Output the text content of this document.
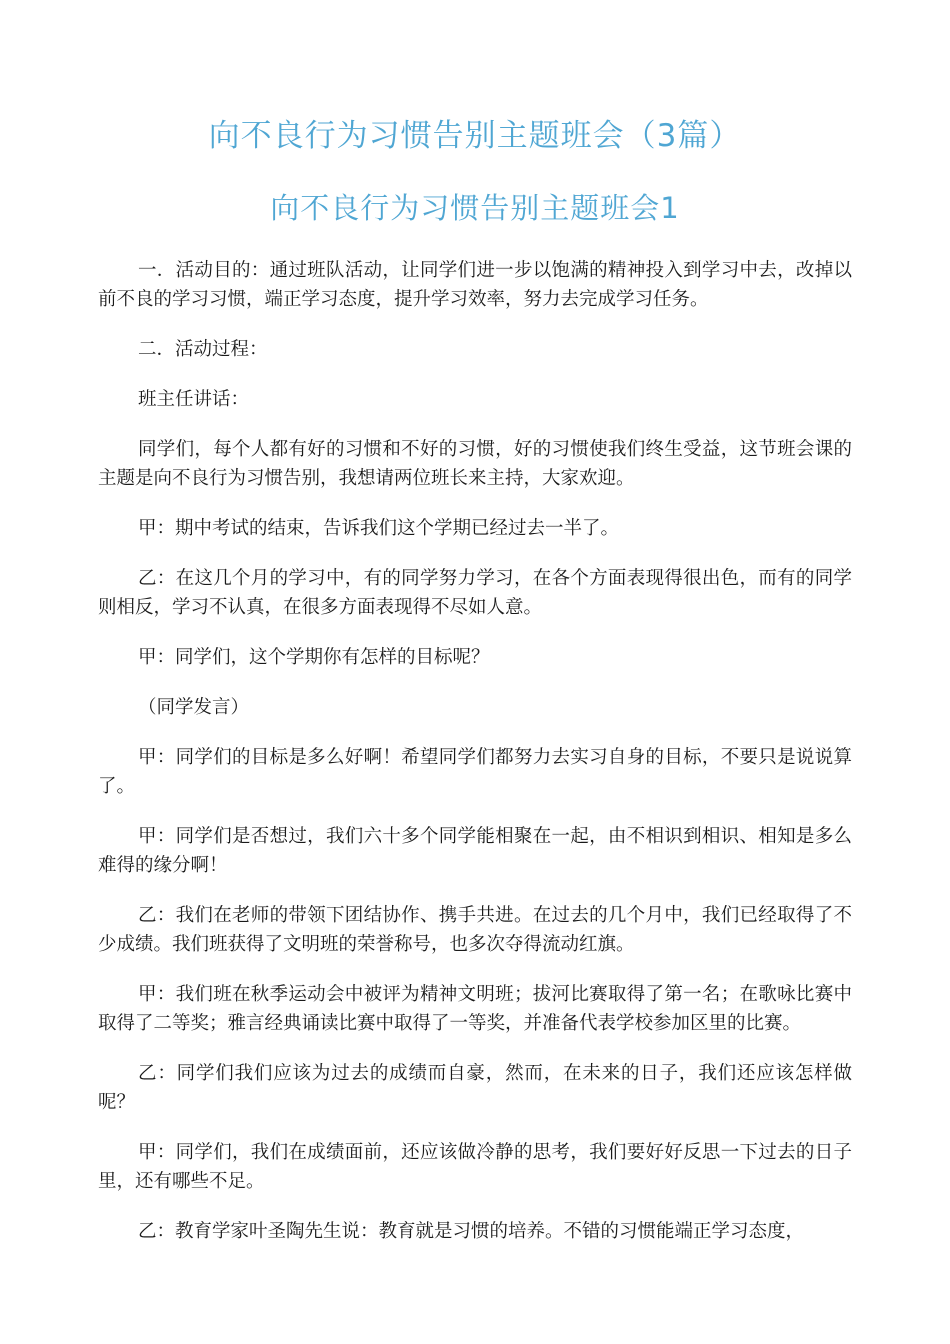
向不良行为习惯告别主题班会（3篇）
向不良行为习惯告别主题班会1

一．活动目的：通过班队活动，让同学们进一步以饱满的精神投入到学习中去，改掉以前不良的学习习惯，端正学习态度，提升学习效率，努力去完成学习任务。

二．活动过程：

班主任讲话：

同学们，每个人都有好的习惯和不好的习惯，好的习惯使我们终生受益，这节班会课的主题是向不良行为习惯告别，我想请两位班长来主持，大家欢迎。

甲：期中考试的结束，告诉我们这个学期已经过去一半了。

乙：在这几个月的学习中，有的同学努力学习，在各个方面表现得很出色，而有的同学则相反，学习不认真，在很多方面表现得不尽如人意。

甲：同学们，这个学期你有怎样的目标呢？

（同学发言）

甲：同学们的目标是多么好啊！希望同学们都努力去实习自身的目标，不要只是说说算了。

甲：同学们是否想过，我们六十多个同学能相聚在一起，由不相识到相识、相知是多么难得的缘分啊！

乙：我们在老师的带领下团结协作、携手共进。在过去的几个月中，我们已经取得了不少成绩。我们班获得了文明班的荣誉称号，也多次夺得流动红旗。

甲：我们班在秋季运动会中被评为精神文明班；拔河比赛取得了第一名；在歌咏比赛中取得了二等奖；雅言经典诵读比赛中取得了一等奖，并准备代表学校参加区里的比赛。

乙：同学们我们应该为过去的成绩而自豪，然而，在未来的日子，我们还应该怎样做呢？

甲：同学们，我们在成绩面前，还应该做冷静的思考，我们要好好反思一下过去的日子里，还有哪些不足。

乙：教育学家叶圣陶先生说：教育就是习惯的培养。不错的习惯能端正学习态度，
